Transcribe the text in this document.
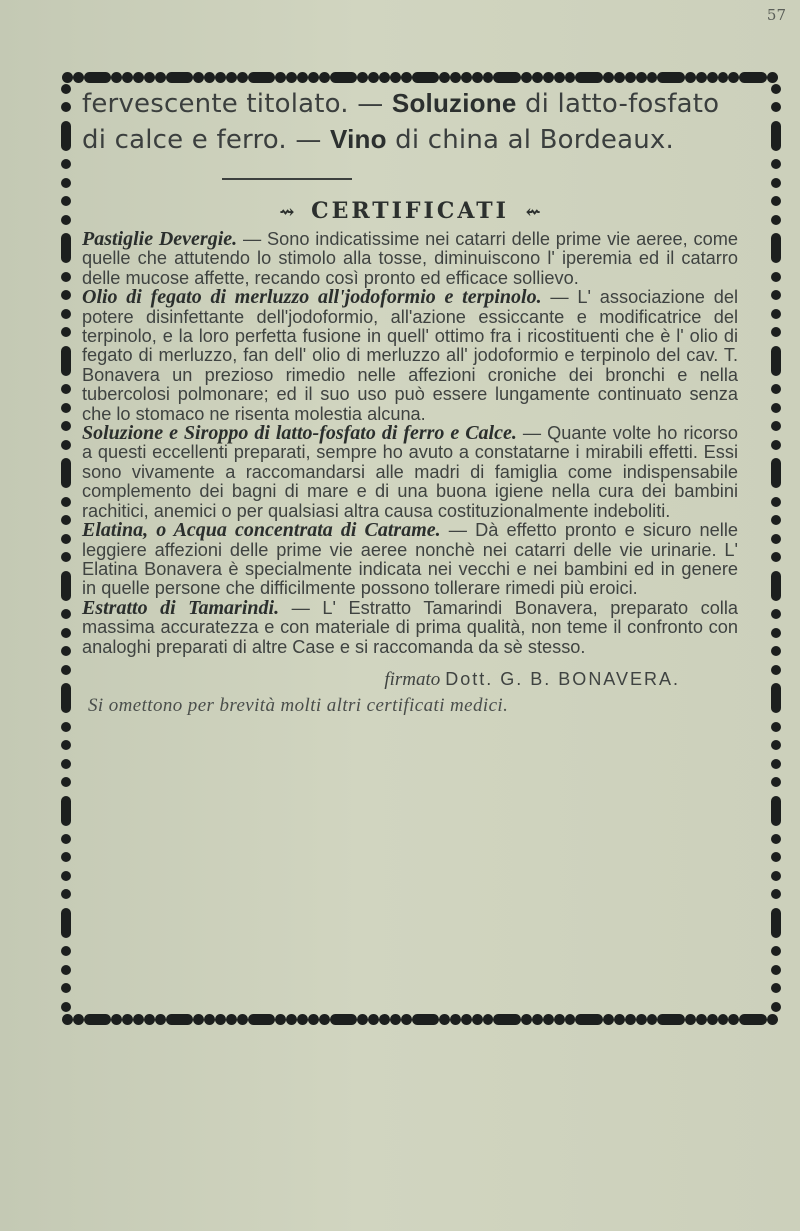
57

fervescente titolato. — Soluzione di latto-fosfato di calce e ferro. — Vino di china al Bordeaux.

⇝ CERTIFICATI ⇜

Pastiglie Devergie. — Sono indicatissime nei catarri delle prime vie aeree, come quelle che attutendo lo stimolo alla tosse, diminuiscono l' iperemia ed il catarro delle mucose affette, recando così pronto ed efficace sollievo.

Olio di fegato di merluzzo all'jodoformio e terpinolo. — L' associazione del potere disinfettante dell'jodoformio, all'azione essiccante e modificatrice del terpinolo, e la loro perfetta fusione in quell' ottimo fra i ricostituenti che è l' olio di fegato di merluzzo, fan dell' olio di merluzzo all' jodoformio e terpinolo del cav. T. Bonavera un prezioso rimedio nelle affezioni croniche dei bronchi e nella tubercolosi polmonare; ed il suo uso può essere lungamente continuato senza che lo stomaco ne risenta molestia alcuna.

Soluzione e Siroppo di latto-fosfato di ferro e Calce. — Quante volte ho ricorso a questi eccellenti preparati, sempre ho avuto a constatarne i mirabili effetti. Essi sono vivamente a raccomandarsi alle madri di famiglia come indispensabile complemento dei bagni di mare e di una buona igiene nella cura dei bambini rachitici, anemici o per qualsiasi altra causa costituzionalmente indeboliti.

Elatina, o Acqua concentrata di Catrame. — Dà effetto pronto e sicuro nelle leggiere affezioni delle prime vie aeree nonchè nei catarri delle vie urinarie. L' Elatina Bonavera è specialmente indicata nei vecchi e nei bambini ed in genere in quelle persone che difficilmente possono tollerare rimedi più eroici.

Estratto di Tamarindi. — L' Estratto Tamarindi Bonavera, preparato colla massima accuratezza e con materiale di prima qualità, non teme il confronto con analoghi preparati di altre Case e si raccomanda da sè stesso.

firmato Dott. G. B. BONAVERA.

Si omettono per brevità molti altri certificati medici.
